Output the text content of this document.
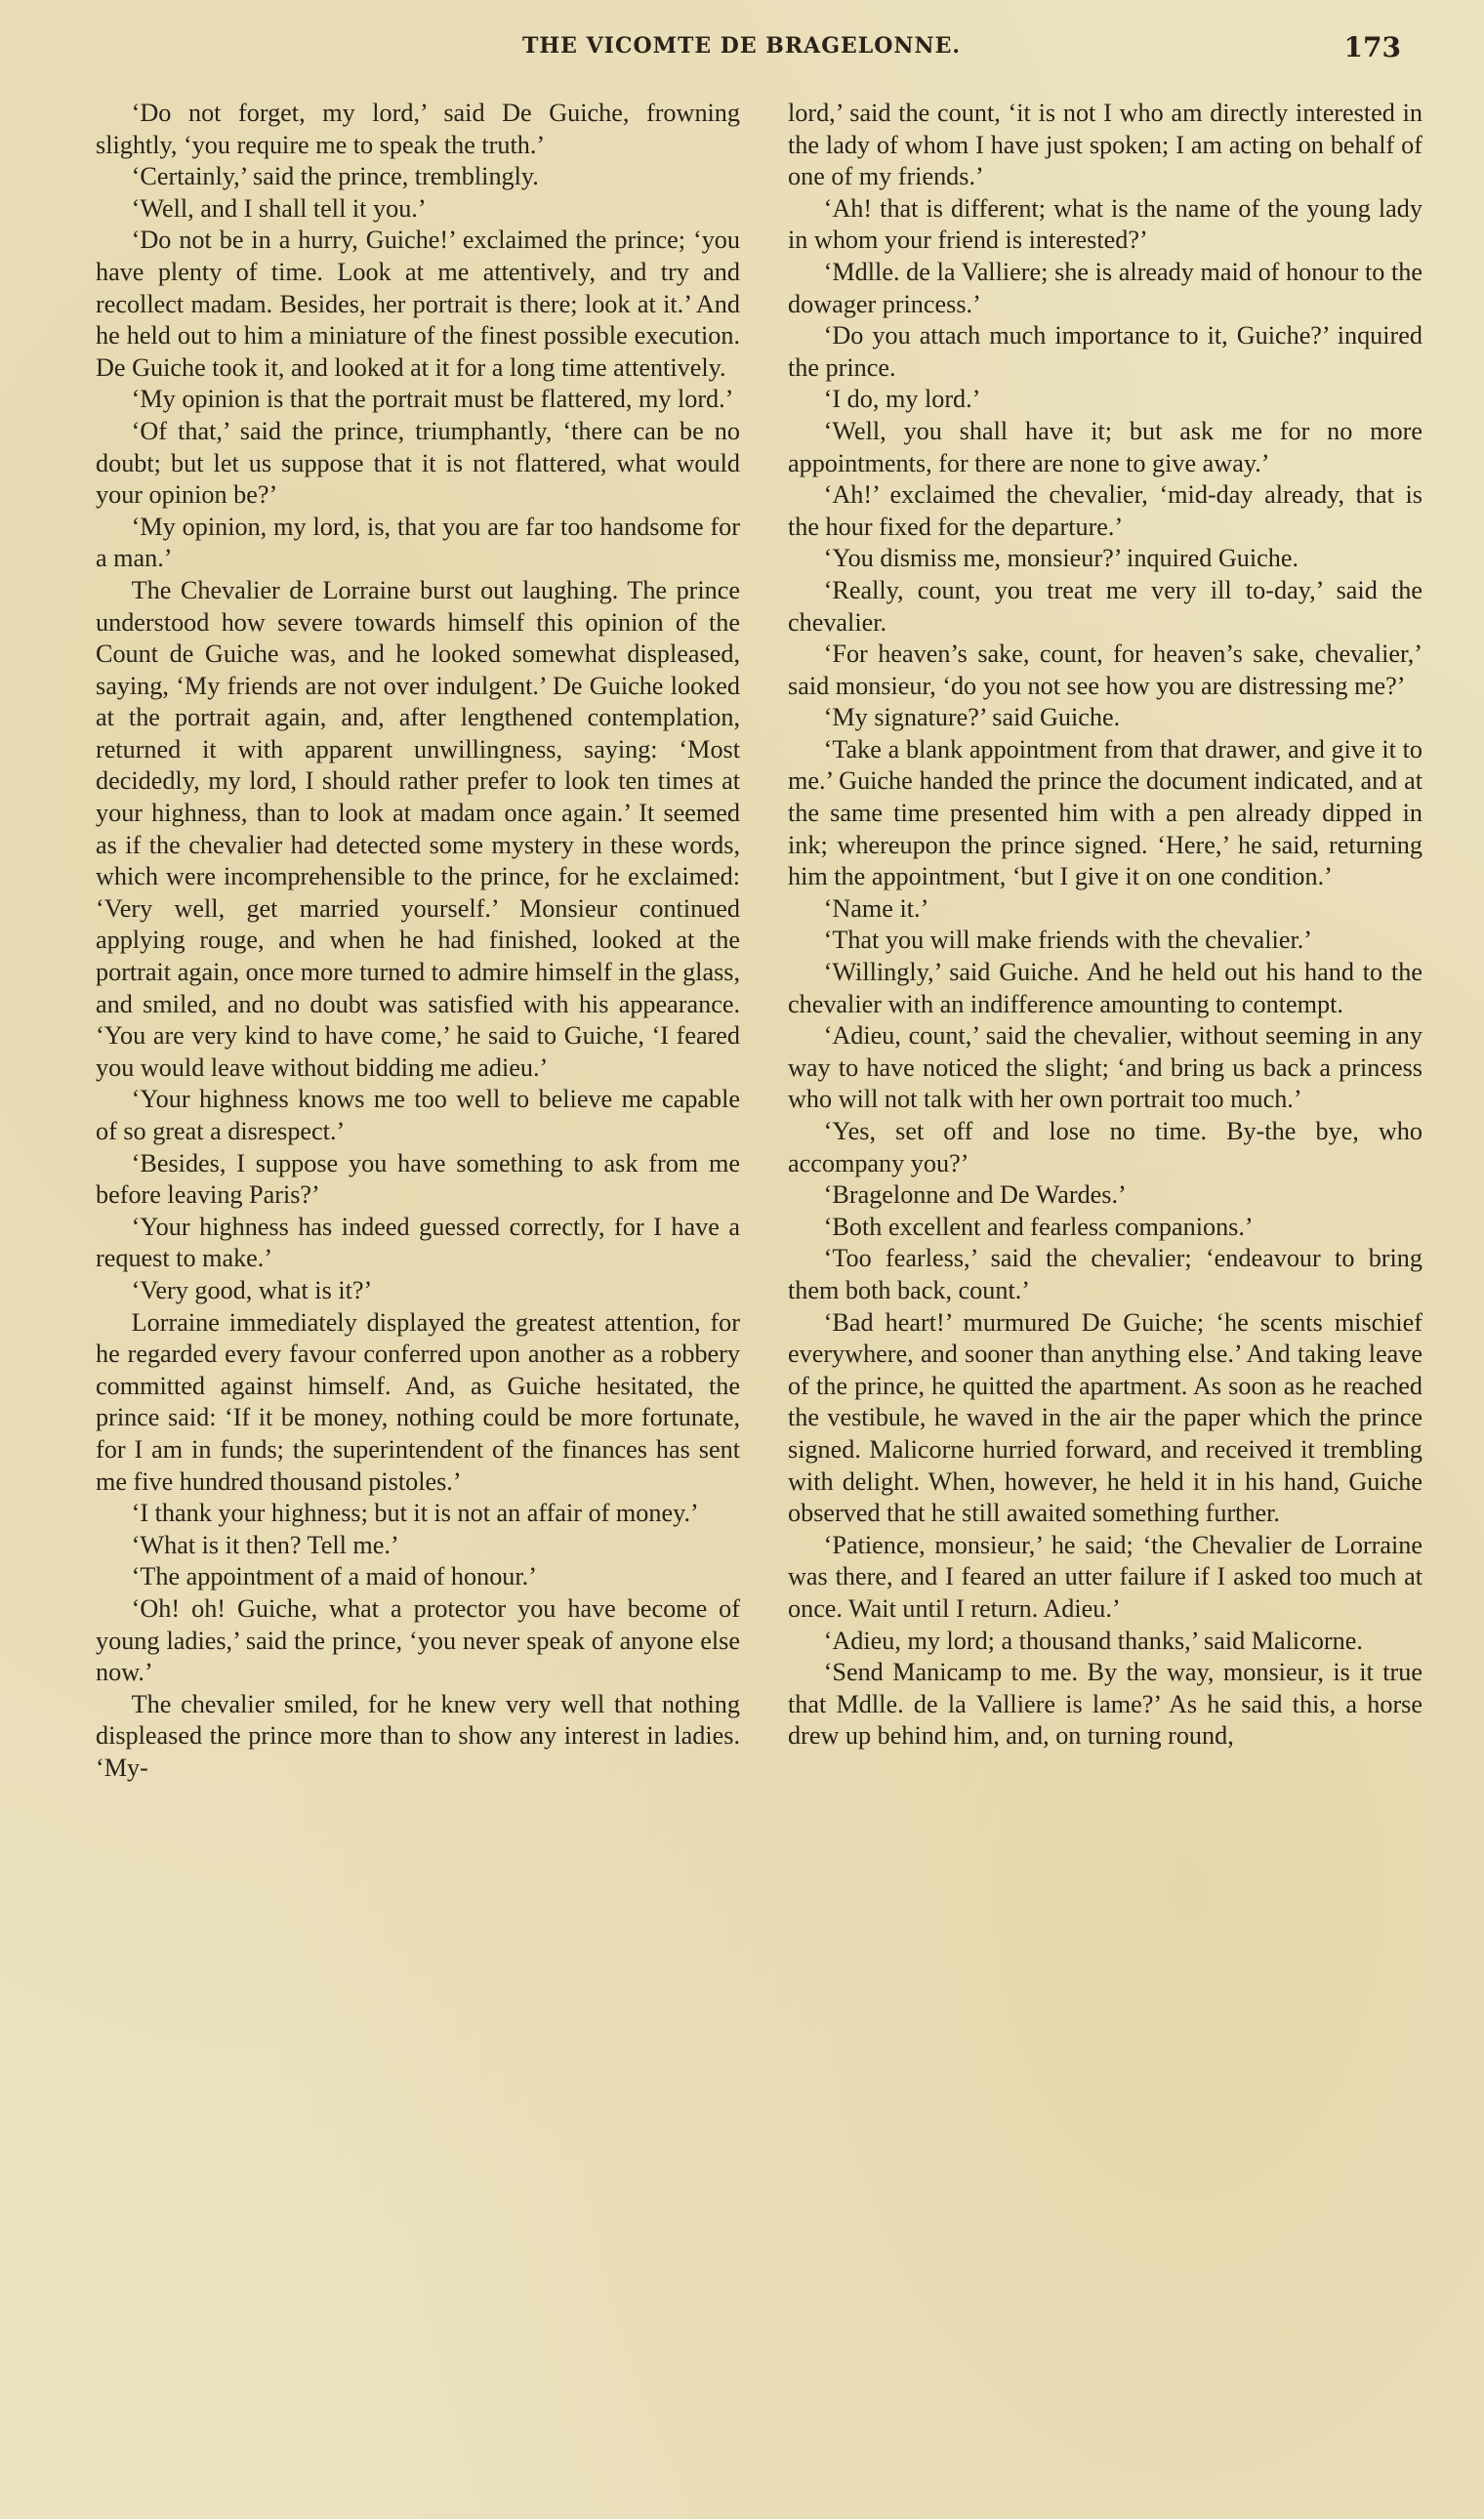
THE VICOMTE DE BRAGELONNE.	173

‘Do not forget, my lord,’ said De Guiche, frowning slightly, ‘you require me to speak the truth.’

‘Certainly,’ said the prince, tremblingly.

‘Well, and I shall tell it you.’

‘Do not be in a hurry, Guiche!’ exclaimed the prince; ‘you have plenty of time. Look at me attentively, and try and recollect madam. Besides, her portrait is there; look at it.’ And he held out to him a miniature of the finest possible execution. De Guiche took it, and looked at it for a long time attentively.

‘My opinion is that the portrait must be flattered, my lord.’

‘Of that,’ said the prince, triumphantly, ‘there can be no doubt; but let us suppose that it is not flattered, what would your opinion be?’

‘My opinion, my lord, is, that you are far too handsome for a man.’

The Chevalier de Lorraine burst out laughing. The prince understood how severe towards himself this opinion of the Count de Guiche was, and he looked somewhat displeased, saying, ‘My friends are not over indulgent.’ De Guiche looked at the portrait again, and, after lengthened contemplation, returned it with apparent unwillingness, saying: ‘Most decidedly, my lord, I should rather prefer to look ten times at your highness, than to look at madam once again.’ It seemed as if the chevalier had detected some mystery in these words, which were incomprehensible to the prince, for he exclaimed: ‘Very well, get married yourself.’ Monsieur continued applying rouge, and when he had finished, looked at the portrait again, once more turned to admire himself in the glass, and smiled, and no doubt was satisfied with his appearance. ‘You are very kind to have come,’ he said to Guiche, ‘I feared you would leave without bidding me adieu.’

‘Your highness knows me too well to believe me capable of so great a disrespect.’

‘Besides, I suppose you have something to ask from me before leaving Paris?’

‘Your highness has indeed guessed correctly, for I have a request to make.’

‘Very good, what is it?’

Lorraine immediately displayed the greatest attention, for he regarded every favour conferred upon another as a robbery committed against himself. And, as Guiche hesitated, the prince said: ‘If it be money, nothing could be more fortunate, for I am in funds; the superintendent of the finances has sent me five hundred thousand pistoles.’

‘I thank your highness; but it is not an affair of money.’

‘What is it then? Tell me.’

‘The appointment of a maid of honour.’

‘Oh! oh! Guiche, what a protector you have become of young ladies,’ said the prince, ‘you never speak of anyone else now.’

The chevalier smiled, for he knew very well that nothing displeased the prince more than to show any interest in ladies. ‘My-

lord,’ said the count, ‘it is not I who am directly interested in the lady of whom I have just spoken; I am acting on behalf of one of my friends.’

‘Ah! that is different; what is the name of the young lady in whom your friend is interested?’

‘Mdlle. de la Valliere; she is already maid of honour to the dowager princess.’

‘Do you attach much importance to it, Guiche?’ inquired the prince.

‘I do, my lord.’

‘Well, you shall have it; but ask me for no more appointments, for there are none to give away.’

‘Ah!’ exclaimed the chevalier, ‘mid-day already, that is the hour fixed for the departure.’

‘You dismiss me, monsieur?’ inquired Guiche.

‘Really, count, you treat me very ill to-day,’ said the chevalier.

‘For heaven’s sake, count, for heaven’s sake, chevalier,’ said monsieur, ‘do you not see how you are distressing me?’

‘My signature?’ said Guiche.

‘Take a blank appointment from that drawer, and give it to me.’ Guiche handed the prince the document indicated, and at the same time presented him with a pen already dipped in ink; whereupon the prince signed. ‘Here,’ he said, returning him the appointment, ‘but I give it on one condition.’

‘Name it.’

‘That you will make friends with the chevalier.’

‘Willingly,’ said Guiche. And he held out his hand to the chevalier with an indifference amounting to contempt.

‘Adieu, count,’ said the chevalier, without seeming in any way to have noticed the slight; ‘and bring us back a princess who will not talk with her own portrait too much.’

‘Yes, set off and lose no time. By-the bye, who accompany you?’

‘Bragelonne and De Wardes.’

‘Both excellent and fearless companions.’

‘Too fearless,’ said the chevalier; ‘endeavour to bring them both back, count.’

‘Bad heart!’ murmured De Guiche; ‘he scents mischief everywhere, and sooner than anything else.’ And taking leave of the prince, he quitted the apartment. As soon as he reached the vestibule, he waved in the air the paper which the prince signed. Malicorne hurried forward, and received it trembling with delight. When, however, he held it in his hand, Guiche observed that he still awaited something further.

‘Patience, monsieur,’ he said; ‘the Chevalier de Lorraine was there, and I feared an utter failure if I asked too much at once. Wait until I return. Adieu.’

‘Adieu, my lord; a thousand thanks,’ said Malicorne.

‘Send Manicamp to me. By the way, monsieur, is it true that Mdlle. de la Valliere is lame?’ As he said this, a horse drew up behind him, and, on turning round,
